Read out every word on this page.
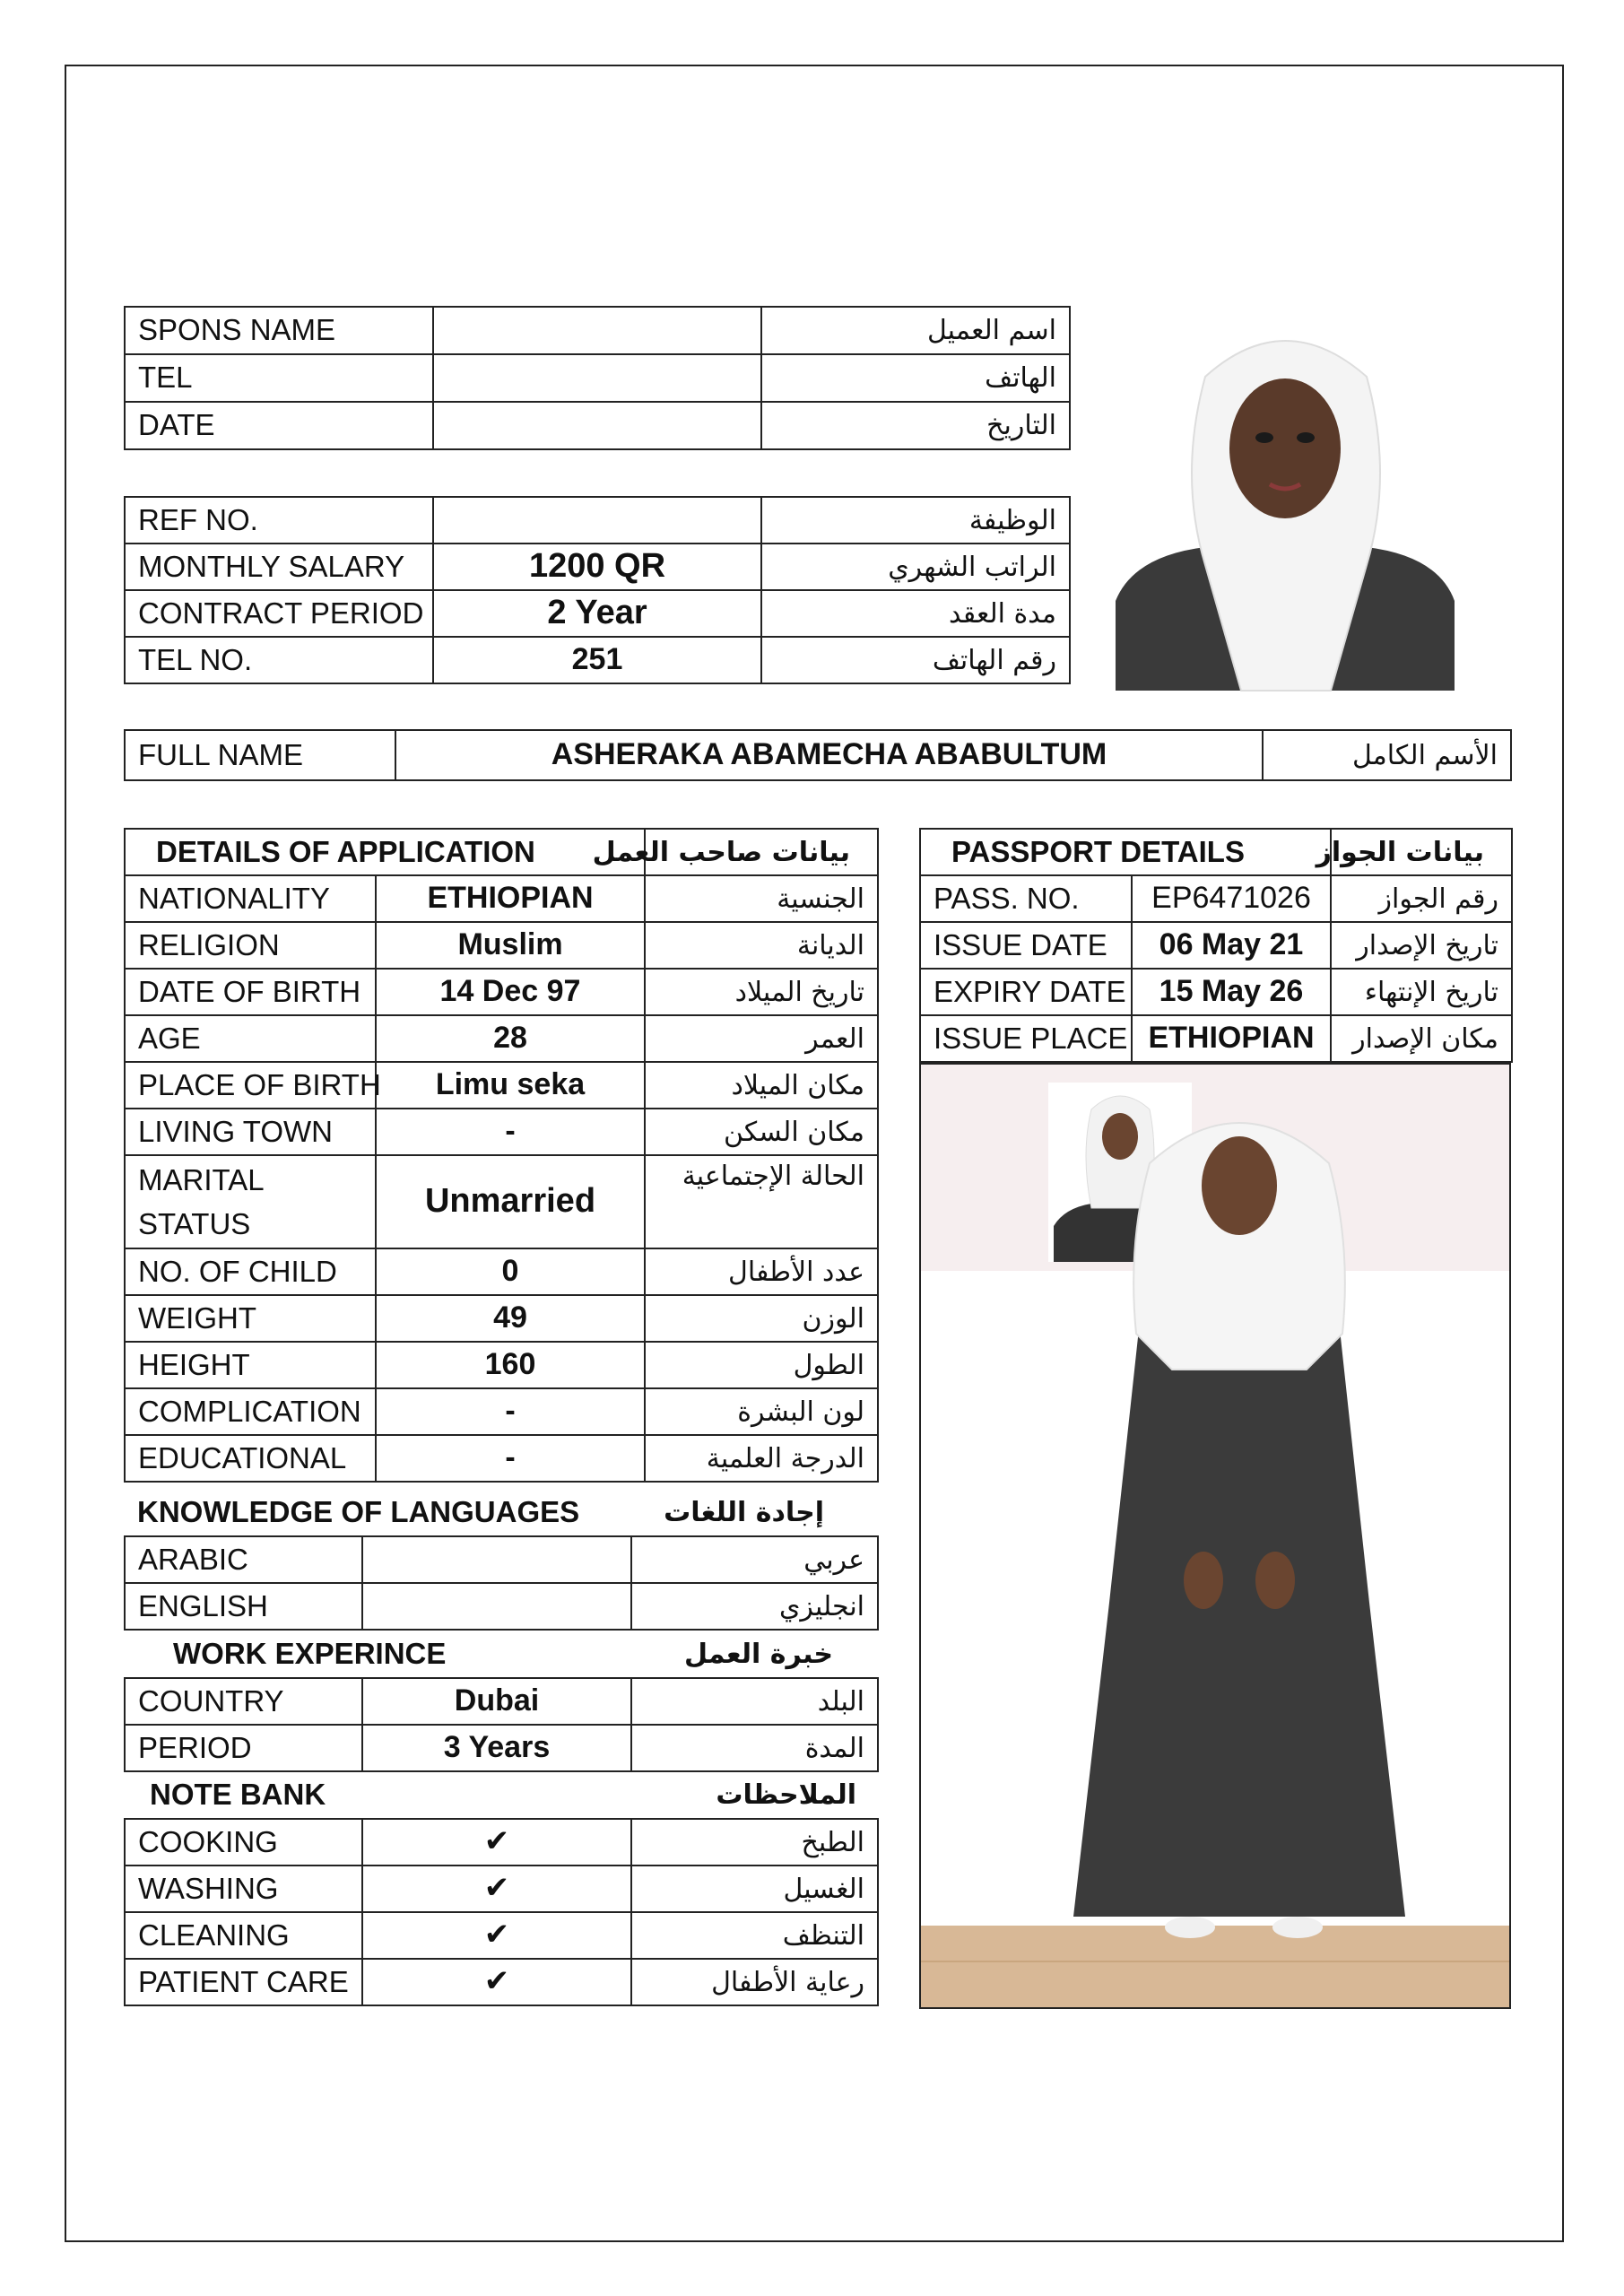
SPONS NAME		اسم العميل
TEL		الهاتف
DATE		التاريخ
REF NO.		الوظيفة
MONTHLY SALARY	1200 QR	الراتب الشهري
CONTRACT PERIOD	2 Year	مدة العقد
TEL NO.	251	رقم الهاتف
FULL NAME	ASHERAKA ABAMECHA ABABULTUM	الأسم الكامل
DETAILS OF APPLICATION		بيانات صاحب العمل
NATIONALITY	ETHIOPIAN	الجنسية
RELIGION	Muslim	الديانة
DATE OF BIRTH	14 Dec 97	تاريخ الميلاد
AGE	28	العمر
PLACE OF BIRTH	Limu seka	مكان الميلاد
LIVING TOWN	-	مكان السكن
MARITAL
STATUS	Unmarried	الحالة الإجتماعية
NO. OF CHILD	0	عدد الأطفال
WEIGHT	49	الوزن
HEIGHT	160	الطول
COMPLICATION	-	لون البشرة
EDUCATIONAL	-	الدرجة العلمية
KNOWLEDGE OF LANGUAGES		إجادة اللغات
ARABIC		عربي
ENGLISH		انجليزي
WORK EXPERINCE		خبرة العمل
COUNTRY	Dubai	البلد
PERIOD	3 Years	المدة
NOTE BANK		الملاحظات
COOKING	✔	الطبخ
WASHING	✔	الغسيل
CLEANING	✔	التنظف
PATIENT CARE	✔	رعاية الأطفال
PASSPORT DETAILS		بيانات الجواز
PASS. NO.	EP6471026	رقم الجواز
ISSUE DATE	06 May 21	تاريخ الإصدار
EXPIRY DATE	15 May 26	تاريخ الإنتهاء
ISSUE PLACE	ETHIOPIAN	مكان الإصدار
